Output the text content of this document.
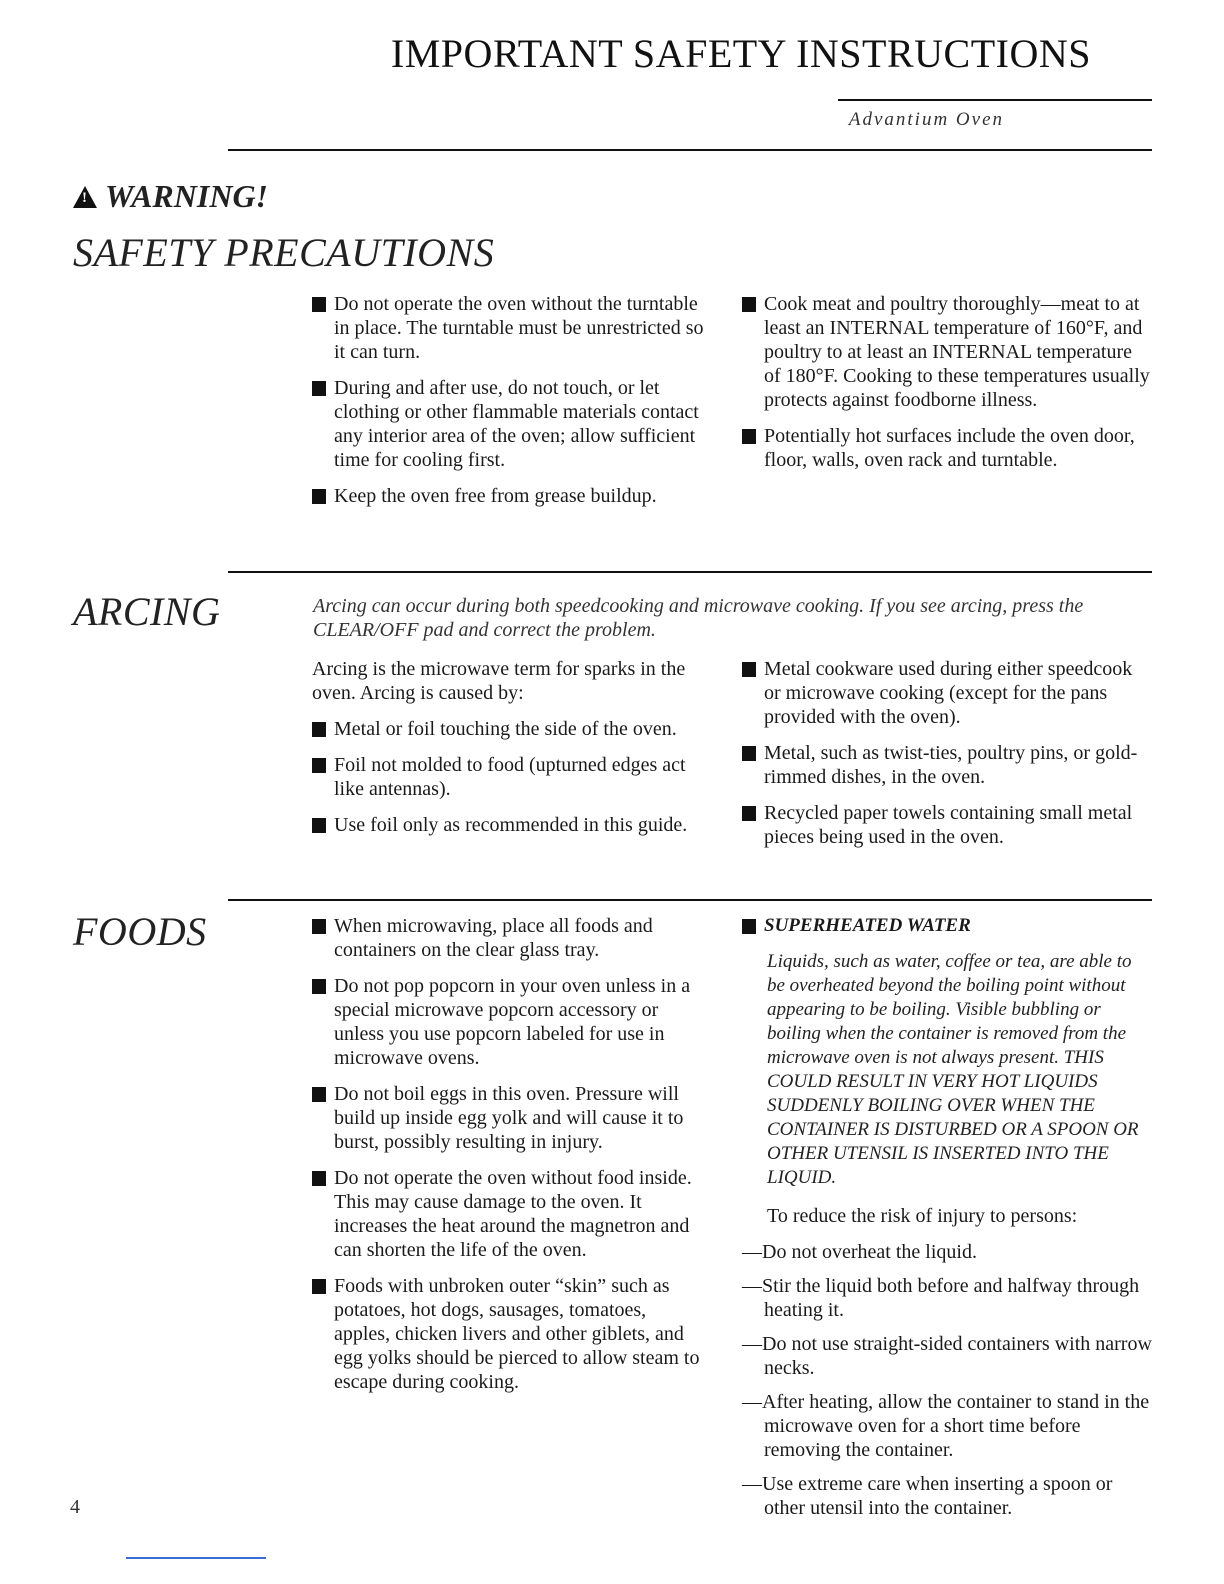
IMPORTANT SAFETY INSTRUCTIONS
Advantium Oven
!
WARNING!
SAFETY PRECAUTIONS
Do not operate the oven without the turntable in place. The turntable must be unrestricted so it can turn.
During and after use, do not touch, or let clothing or other flammable materials contact any interior area of the oven; allow sufficient time for cooling first.
Keep the oven free from grease buildup.
Cook meat and poultry thoroughly—meat to at least an INTERNAL temperature of 160°F, and poultry to at least an INTERNAL temperature of 180°F. Cooking to these temperatures usually protects against foodborne illness.
Potentially hot surfaces include the oven door, floor, walls, oven rack and turntable.
ARCING	Arcing can occur during both speedcooking and microwave cooking. If you see arcing, press the CLEAR/OFF pad and correct the problem.

Arcing is the microwave term for sparks in the oven. Arcing is caused by:

Metal or foil touching the side of the oven.
Foil not molded to food (upturned edges act like antennas).
Use foil only as recommended in this guide.
Metal cookware used during either speedcook or microwave cooking (except for the pans provided with the oven).
Metal, such as twist-ties, poultry pins, or gold-rimmed dishes, in the oven.
Recycled paper towels containing small metal pieces being used in the oven.
FOODS	When microwaving, place all foods and containers on the clear glass tray.
Do not pop popcorn in your oven unless in a special microwave popcorn accessory or unless you use popcorn labeled for use in microwave ovens.
Do not boil eggs in this oven. Pressure will build up inside egg yolk and will cause it to burst, possibly resulting in injury.
Do not operate the oven without food inside. This may cause damage to the oven. It increases the heat around the magnetron and can shorten the life of the oven.
Foods with unbroken outer “skin” such as potatoes, hot dogs, sausages, tomatoes, apples, chicken livers and other giblets, and egg yolks should be pierced to allow steam to escape during cooking.
SUPERHEATED WATER
Liquids, such as water, coffee or tea, are able to be overheated beyond the boiling point without appearing to be boiling. Visible bubbling or boiling when the container is removed from the microwave oven is not always present. THIS COULD RESULT IN VERY HOT LIQUIDS SUDDENLY BOILING OVER WHEN THE CONTAINER IS DISTURBED OR A SPOON OR OTHER UTENSIL IS INSERTED INTO THE LIQUID.

To reduce the risk of injury to persons:

—Do not overheat the liquid.
—Stir the liquid both before and halfway through heating it.
—Do not use straight-sided containers with narrow necks.
—After heating, allow the container to stand in the microwave oven for a short time before removing the container.
—Use extreme care when inserting a spoon or other utensil into the container.
4
